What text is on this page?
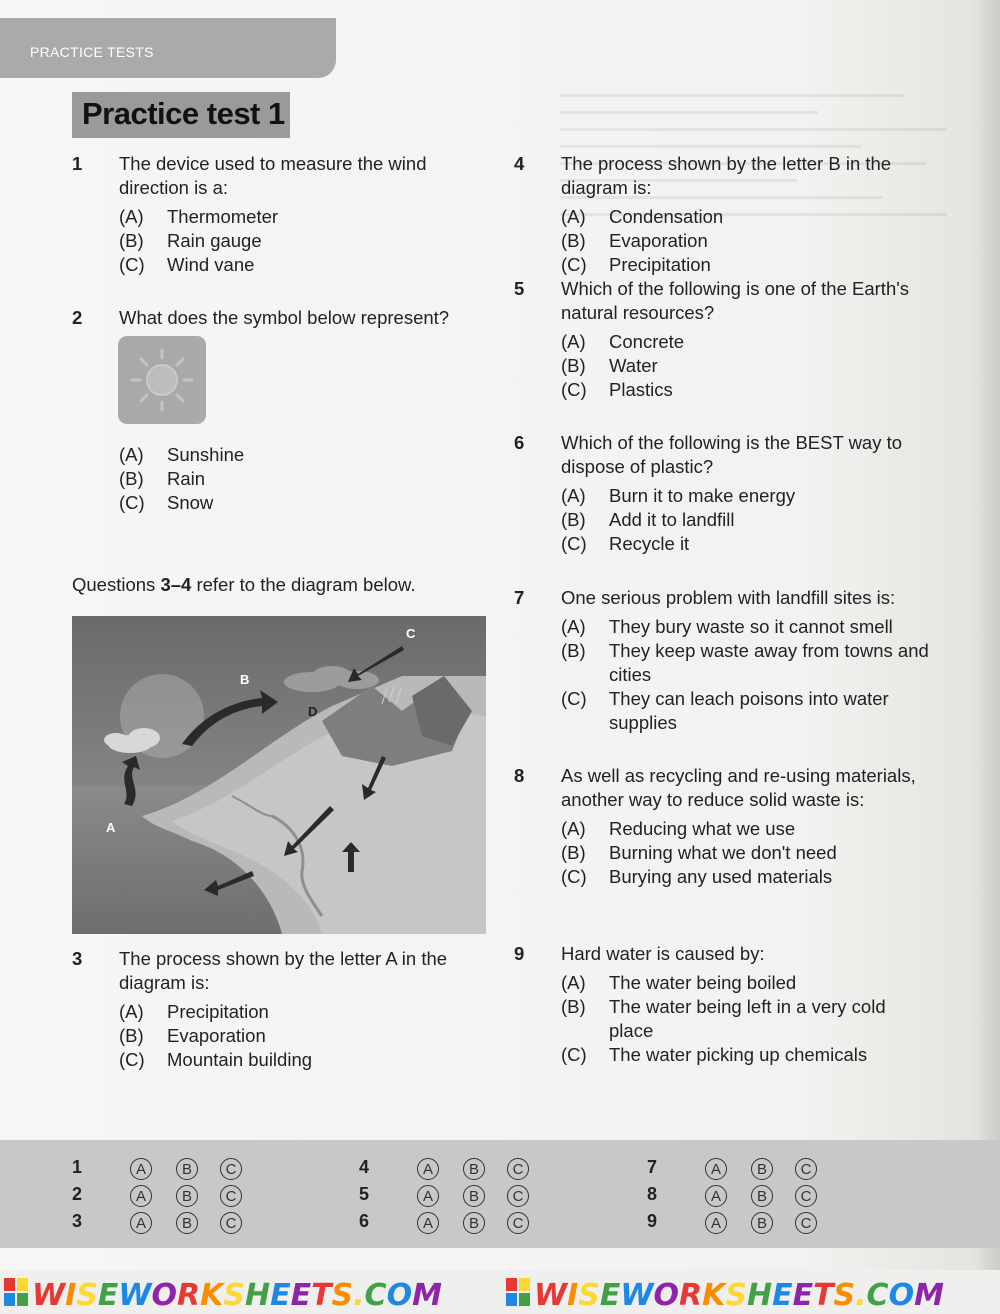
PRACTICE TESTS
Practice test 1
1 The device used to measure the wind direction is a:
(A) Thermometer
(B) Rain gauge
(C) Wind vane
2 What does the symbol below represent?
(A) Sunshine
(B) Rain
(C) Snow
Questions 3–4 refer to the diagram below.
A
B
C
D
3 The process shown by the letter A in the diagram is:
(A) Precipitation
(B) Evaporation
(C) Mountain building
4 The process shown by the letter B in the diagram is:
(A) Condensation
(B) Evaporation
(C) Precipitation
5 Which of the following is one of the Earth's natural resources?
(A) Concrete
(B) Water
(C) Plastics
6 Which of the following is the BEST way to dispose of plastic?
(A) Burn it to make energy
(B) Add it to landfill
(C) Recycle it
7 One serious problem with landfill sites is:
(A) They bury waste so it cannot smell
(B) They keep waste away from towns and cities
(C) They can leach poisons into water supplies
8 As well as recycling and re-using materials, another way to reduce solid waste is:
(A) Reducing what we use
(B) Burning what we don't need
(C) Burying any used materials
9 Hard water is caused by:
(A) The water being boiled
(B) The water being left in a very cold place
(C) The water picking up chemicals
1	A	B	C
2	A	B	C
3	A	B	C
4	A	B	C
5	A	B	C
6	A	B	C
7	A	B	C
8	A	B	C
9	A	B	C
WISEWORKSHEETS.COM	WISEWORKSHEETS.COM
